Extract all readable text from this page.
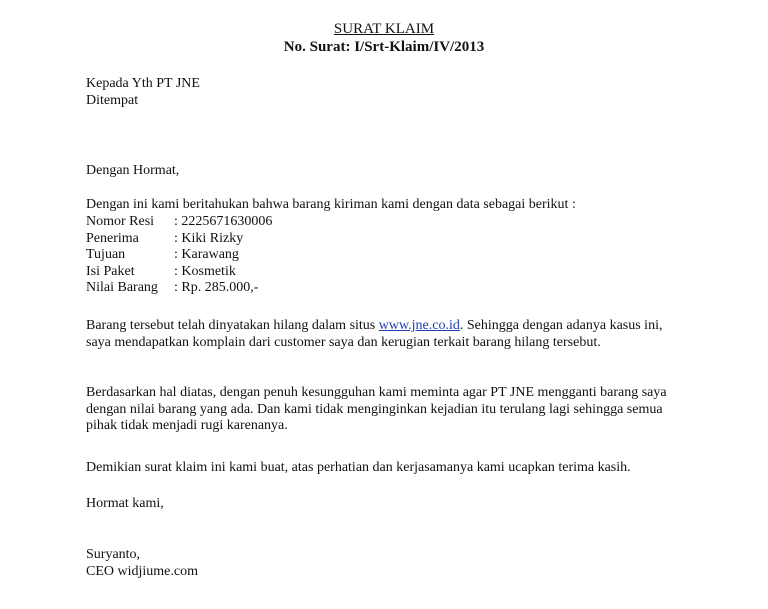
SURAT KLAIM
No. Surat: I/Srt-Klaim/IV/2013
Kepada Yth PT JNE
Ditempat
Dengan Hormat,
Dengan ini kami beritahukan bahwa barang kiriman kami dengan data sebagai berikut :
Nomor Resi	: 2225671630006
Penerima	: Kiki Rizky
Tujuan	: Karawang
Isi Paket	: Kosmetik
Nilai Barang	: Rp. 285.000,-
Barang tersebut telah dinyatakan hilang dalam situs www.jne.co.id. Sehingga dengan adanya kasus ini, saya mendapatkan komplain dari customer saya dan kerugian terkait barang hilang tersebut.
Berdasarkan hal diatas, dengan penuh kesungguhan kami meminta agar PT JNE mengganti barang saya dengan nilai barang yang ada. Dan kami tidak menginginkan kejadian itu terulang lagi sehingga semua pihak tidak menjadi rugi karenanya.
Demikian surat klaim ini kami buat, atas perhatian dan kerjasamanya kami ucapkan terima kasih.
Hormat kami,
Suryanto,
CEO widjiume.com
